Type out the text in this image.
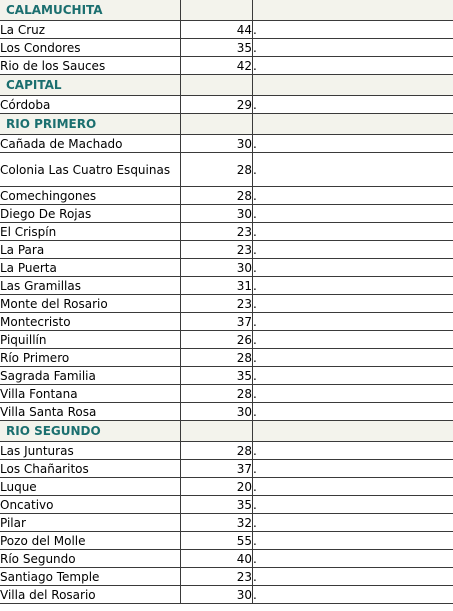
CALAMUCHITA		
La Cruz	44	.
Los Condores	35	.
Rio de los Sauces	42	.
CAPITAL		
Córdoba	29	.
RIO PRIMERO		
Cañada de Machado	30	.

Colonia Las Cuatro Esquinas	28	.
Comechingones	28	.
Diego De Rojas	30	.
El Crispín	23	.
La Para	23	.
La Puerta	30	.
Las Gramillas	31	.
Monte del Rosario	23	.
Montecristo	37	.
Piquillín	26	.
Río Primero	28	.
Sagrada Familia	35	.
Villa Fontana	28	.
Villa Santa Rosa	30	.
RIO SEGUNDO		
Las Junturas	28	.
Los Chañaritos	37	.
Luque	20	.
Oncativo	35	.
Pilar	32	.
Pozo del Molle	55	.
Río Segundo	40	.
Santiago Temple	23	.
Villa del Rosario	30	.
